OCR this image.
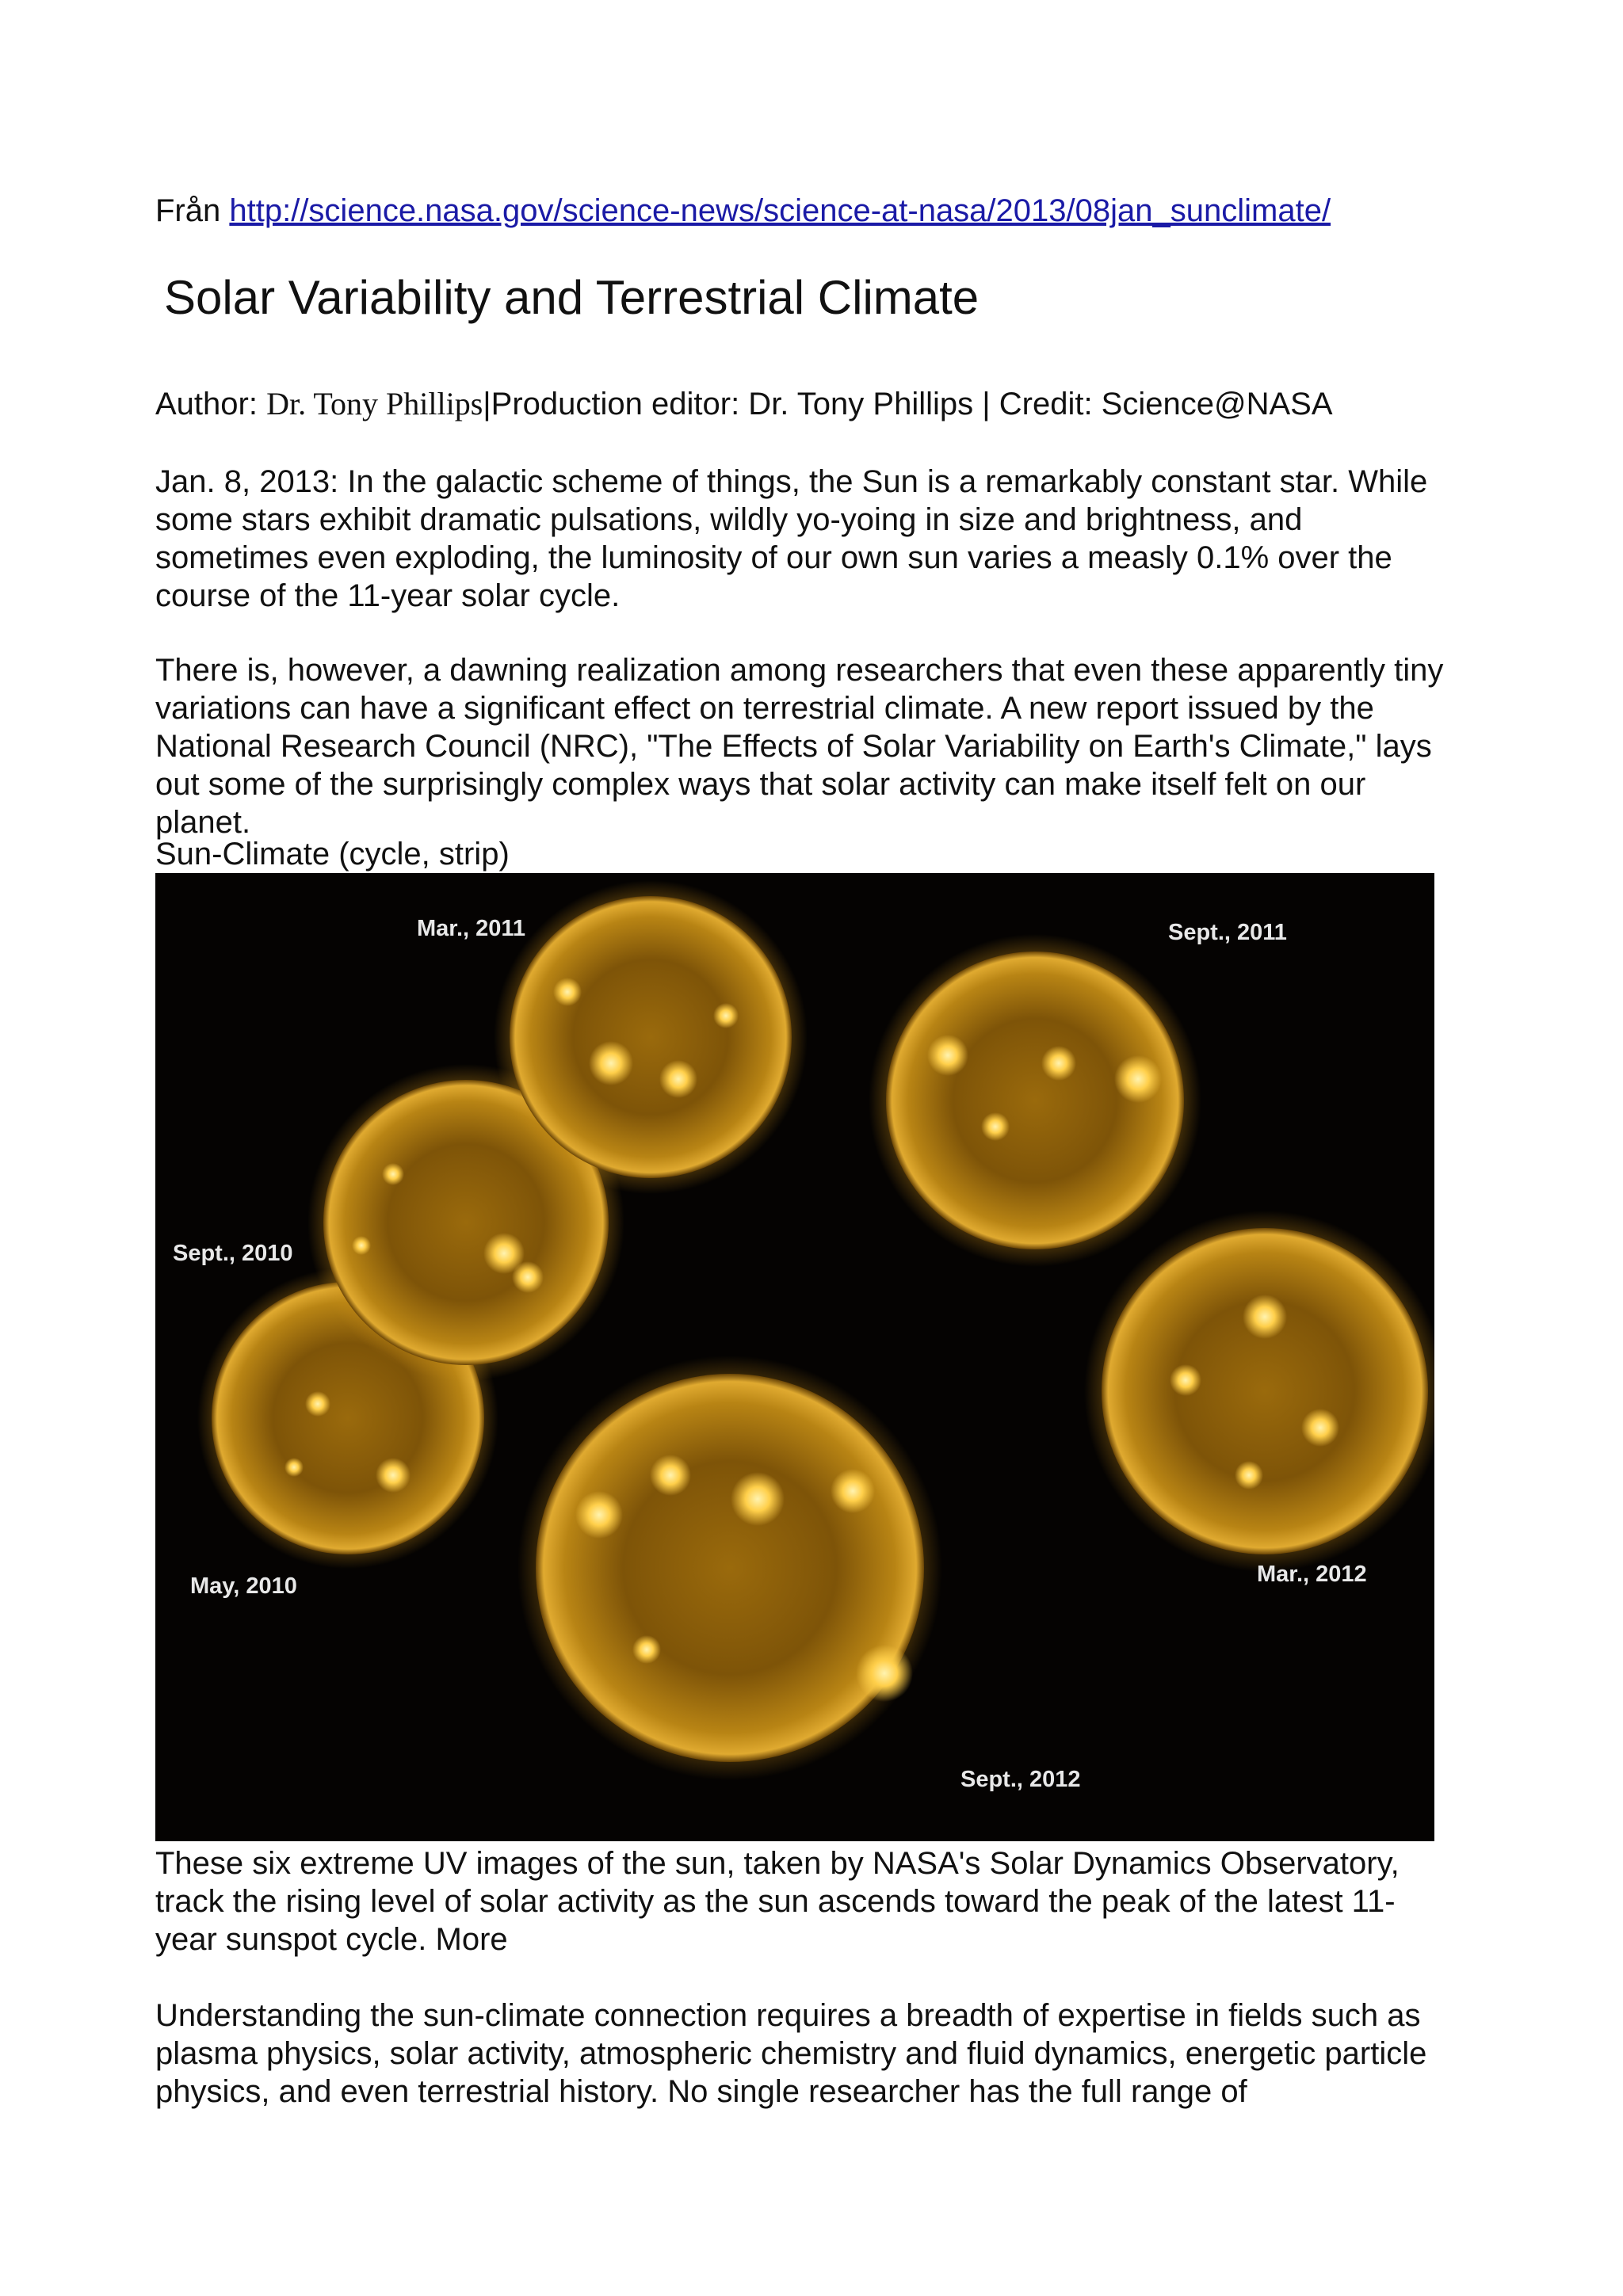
Från http://science.nasa.gov/science-news/science-at-nasa/2013/08jan_sunclimate/
Solar Variability and Terrestrial Climate
Author: Dr. Tony Phillips|Production editor: Dr. Tony Phillips | Credit: Science@NASA

Jan. 8, 2013: In the galactic scheme of things, the Sun is a remarkably constant star. While some stars exhibit dramatic pulsations, wildly yo-yoing in size and brightness, and sometimes even exploding, the luminosity of our own sun varies a measly 0.1% over the course of the 11-year solar cycle.

There is, however, a dawning realization among researchers that even these apparently tiny variations can have a significant effect on terrestrial climate. A new report issued by the National Research Council (NRC), "The Effects of Solar Variability on Earth's Climate," lays out some of the surprisingly complex ways that solar activity can make itself felt on our planet.

Sun-Climate (cycle, strip)
Mar., 2011	Sept., 2011
Sept., 2010
May, 2010	Mar., 2012
Sept., 2012

These six extreme UV images of the sun, taken by NASA's Solar Dynamics Observatory, track the rising level of solar activity as the sun ascends toward the peak of the latest 11-year sunspot cycle. More

Understanding the sun-climate connection requires a breadth of expertise in fields such as plasma physics, solar activity, atmospheric chemistry and fluid dynamics, energetic particle physics, and even terrestrial history. No single researcher has the full range of
